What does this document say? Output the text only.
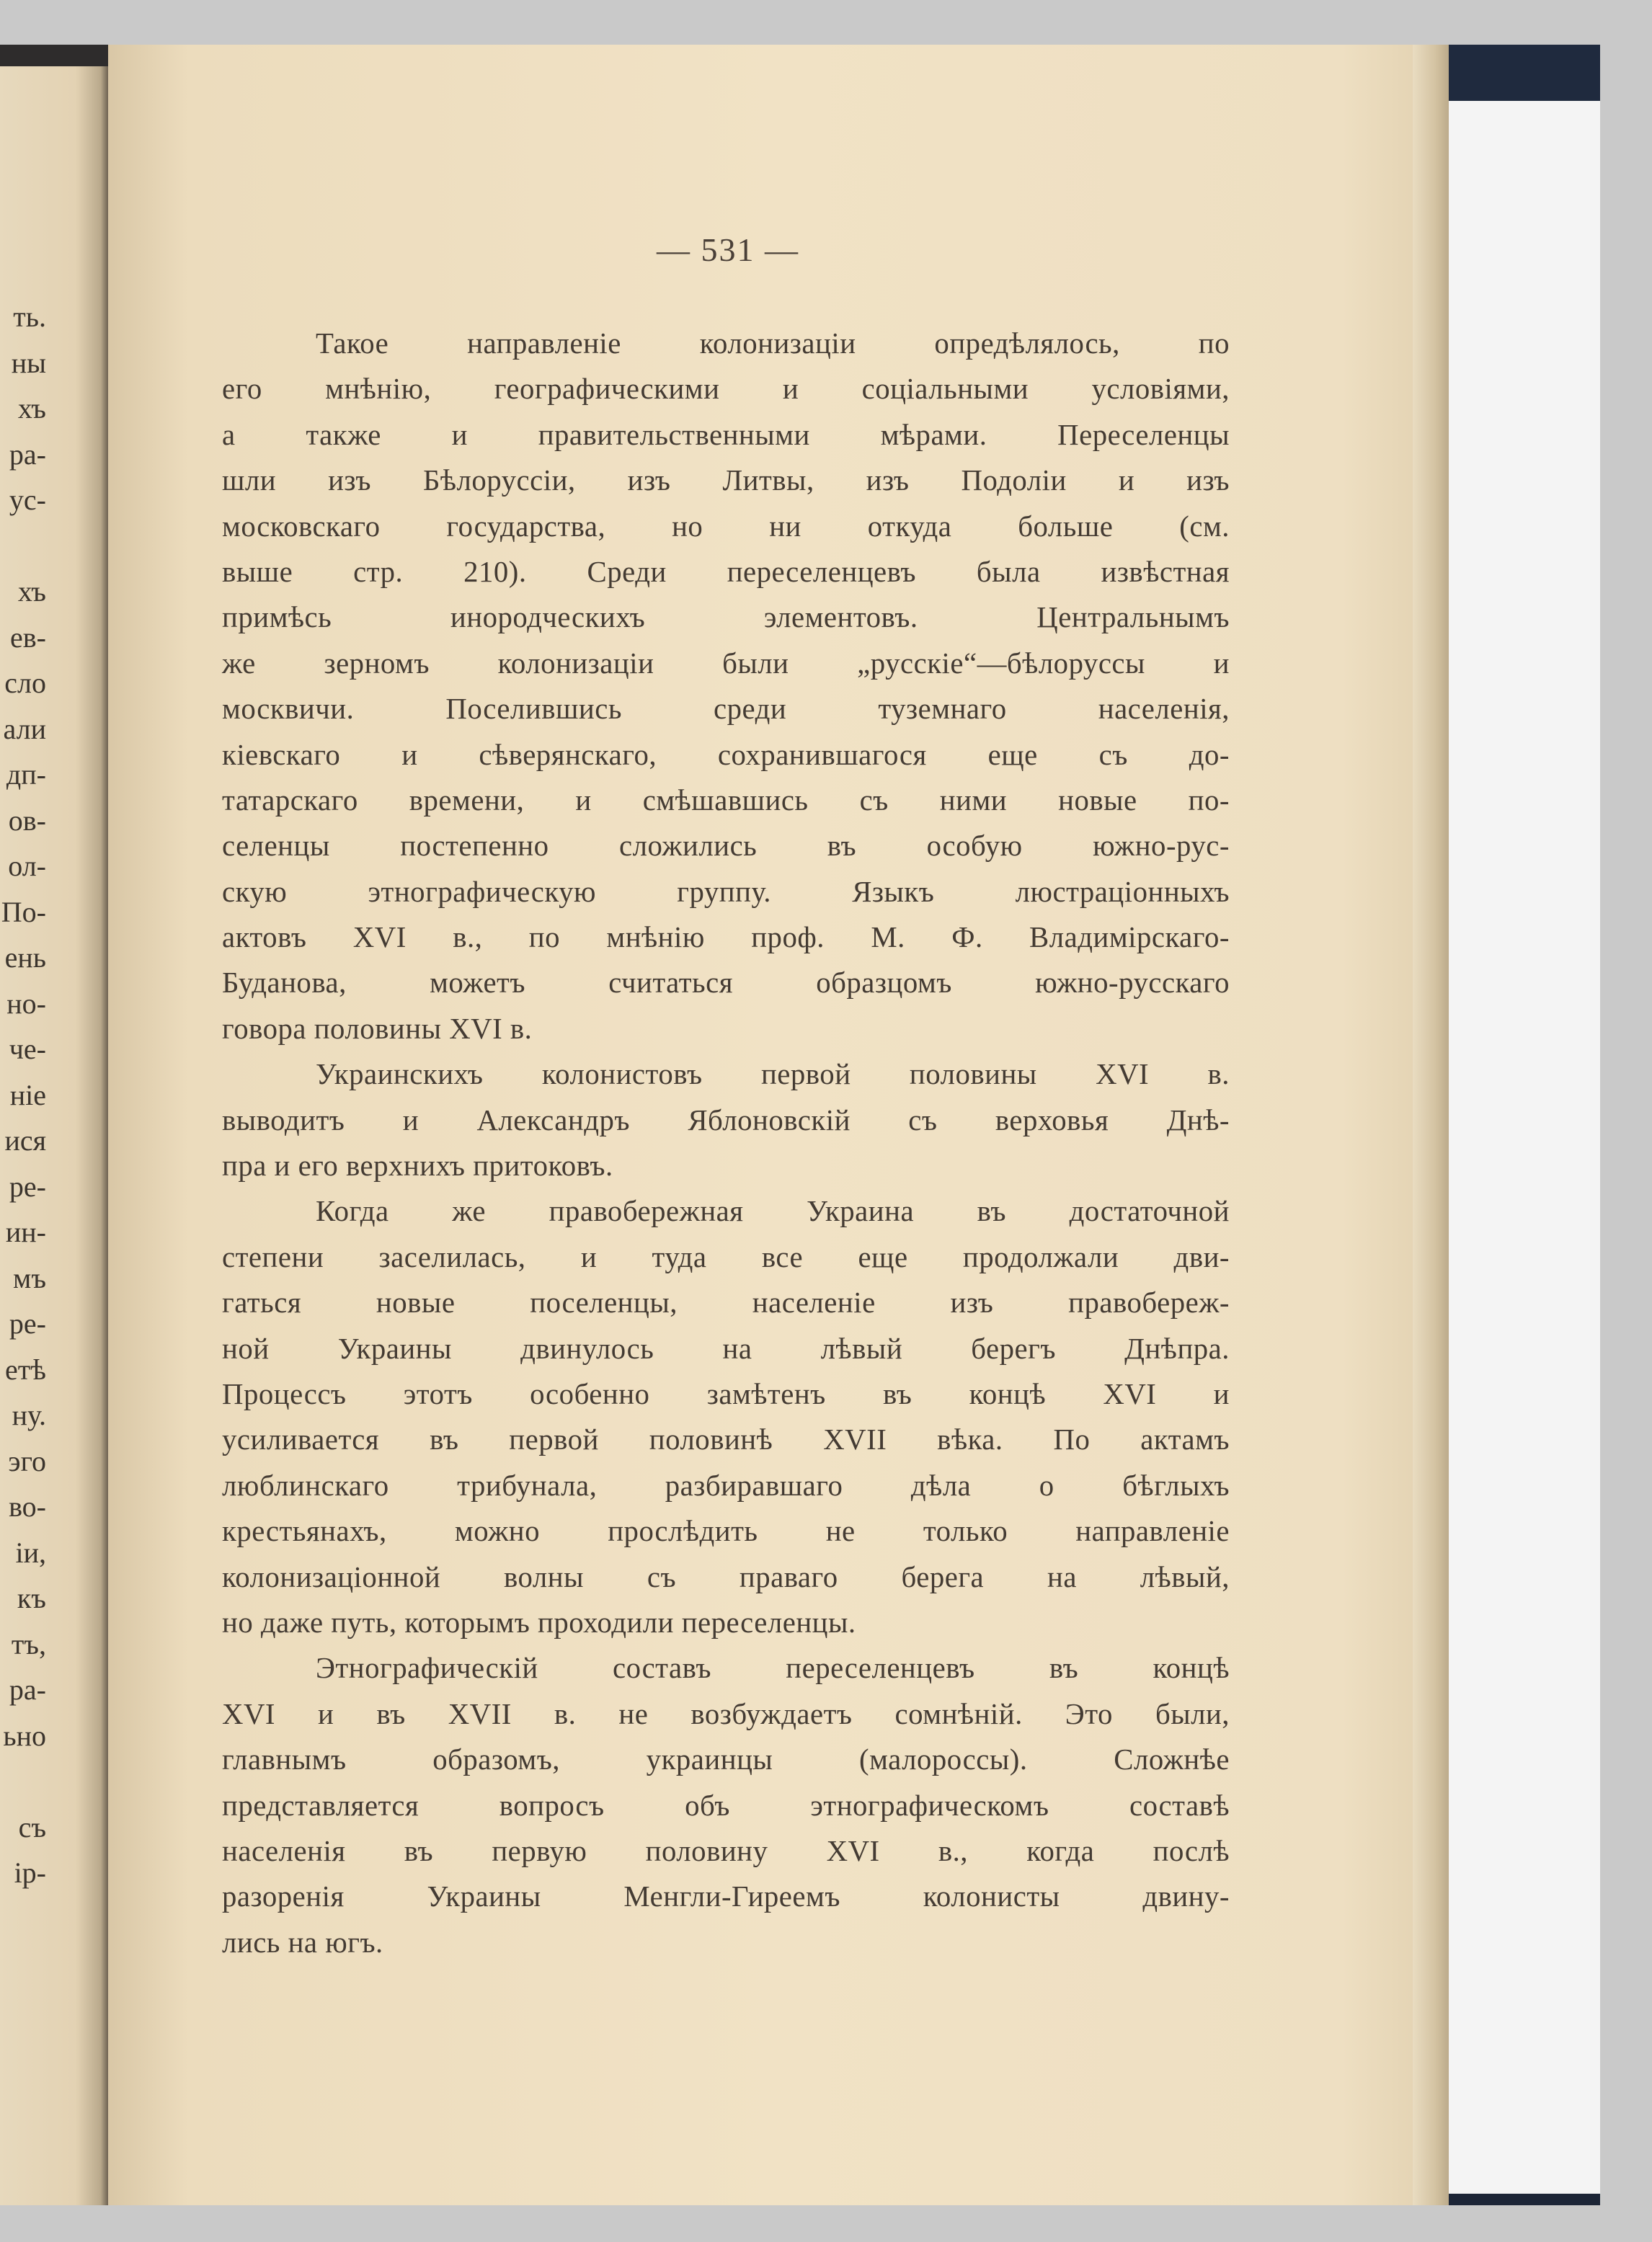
ть.
ны
хъ
ра-
ус-
хъ
ев-
сло
али
дп-
ов-
ол-
По-
ень
но-
че-
ніе
ися
ре-
ин-
мъ
ре-
етѣ
ну.
эго
во-
іи,
къ
тъ,
ра-
ьно
съ
ір-
— 531 —
Такое направленіе колонизаціи опредѣлялось, по
его мнѣнію, географическими и соціальными условіями,
а также и правительственными мѣрами. Переселенцы
шли изъ Бѣлоруссіи, изъ Литвы, изъ Подоліи и изъ
московскаго государства, но ни откуда больше (см.
выше стр. 210). Среди переселенцевъ была извѣстная
примѣсь инородческихъ элементовъ. Центральнымъ
же зерномъ колонизаціи были „русскіе“—бѣлоруссы и
москвичи. Поселившись среди туземнаго населенія,
кіевскаго и сѣверянскаго, сохранившагося еще съ до-
татарскаго времени, и смѣшавшись съ ними новые по-
селенцы постепенно сложились въ особую южно-рус-
скую этнографическую группу. Языкъ люстраціонныхъ
актовъ XVI в., по мнѣнію проф. М. Ф. Владимірскаго-
Буданова, можетъ считаться образцомъ южно-русскаго
говора половины XVI в.
Украинскихъ колонистовъ первой половины XVI в.
выводитъ и Александръ Яблоновскій съ верховья Днѣ-
пра и его верхнихъ притоковъ.
Когда же правобережная Украина въ достаточной
степени заселилась, и туда все еще продолжали дви-
гаться новые поселенцы, населеніе изъ правобереж-
ной Украины двинулось на лѣвый берегъ Днѣпра.
Процессъ этотъ особенно замѣтенъ въ концѣ XVI и
усиливается въ первой половинѣ XVII вѣка. По актамъ
люблинскаго трибунала, разбиравшаго дѣла о бѣглыхъ
крестьянахъ, можно прослѣдить не только направленіе
колонизаціонной волны съ праваго берега на лѣвый,
но даже путь, которымъ проходили переселенцы.
Этнографическій составъ переселенцевъ въ концѣ
XVI и въ XVII в. не возбуждаетъ сомнѣній. Это были,
главнымъ образомъ, украинцы (малороссы). Сложнѣе
представляется вопросъ объ этнографическомъ составѣ
населенія въ первую половину XVI в., когда послѣ
разоренія Украины Менгли-Гиреемъ колонисты двину-
лись на югъ.
